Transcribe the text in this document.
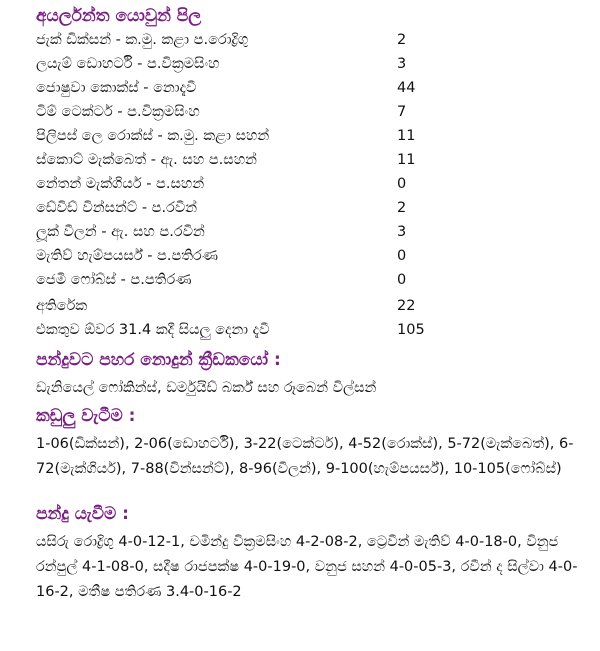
අයර්ලන්ත යොවුන් පිල
ජැක් ඩික්සන් - ක.මු. කළා ප.රොද්‍රිගු	2
ලයැම් ඩොහර්ටි - ප.වික්‍රමසිංහ	3
ජොෂුවා කොක්ස් - නොදැවී	44
ටිම් ටෙක්ටර් - ප.වික්‍රමසිංහ	7
පිලිපස් ලෙ රොක්ස් - ක.මු. කළා සහන්	11
ස්කොට් මැක්බෙත් - ඇ. සහ ප.සහන්	11
නේතන් මැක්ගියර් - ප.සහන්	0
ඩේවිඩ් වින්සන්ට් - ප.රවීන්	2
ලූක් වීලන් - ඇ. සහ ප.රවීන්	3
මැතිව් හැම්පයර්ස් - ප.පතිරණ	0
ජෙමී ෆෝබ්ස් - ප.පතිරණ	0
අතිරේක	22
එකතුව ඕවර 31.4 කදී සියලු දෙනා දැවී	105
පන්දුවට පහර නොදුන් ක්‍රීඩකයෝ :
ඩැනියෙල් ෆෝකින්ස්, ඩර්මුයිඩ් බර්ක් සහ රූබෙන් විල්සන්
කඩුලු වැටීම :
1-06(ඩික්සන්), 2-06(ඩොහර්ටි), 3-22(ටෙක්ටර්), 4-52(රොක්ස්), 5-72(මැක්බෙත්), 6-72(මැක්ගියර්), 7-88(වින්සන්ට්), 8-96(වීලන්), 9-100(හැම්පයර්ස්), 10-105(ෆෝබ්ස්)
පන්දු යැවීම :
යසිරු රොද්‍රිගු 4-0-12-1, චමින්දු වික්‍රමසිංහ 4-2-08-2, ට්‍රෙවීන් මැතිව් 4-0-18-0, විනුජ රන්පුල් 4-1-08-0, සදීෂ රාජපක්ෂ 4-0-19-0, වනුජ සහන් 4-0-05-3, රවීන් ද සිල්වා 4-0-16-2, මතීෂ පතිරණ 3.4-0-16-2
